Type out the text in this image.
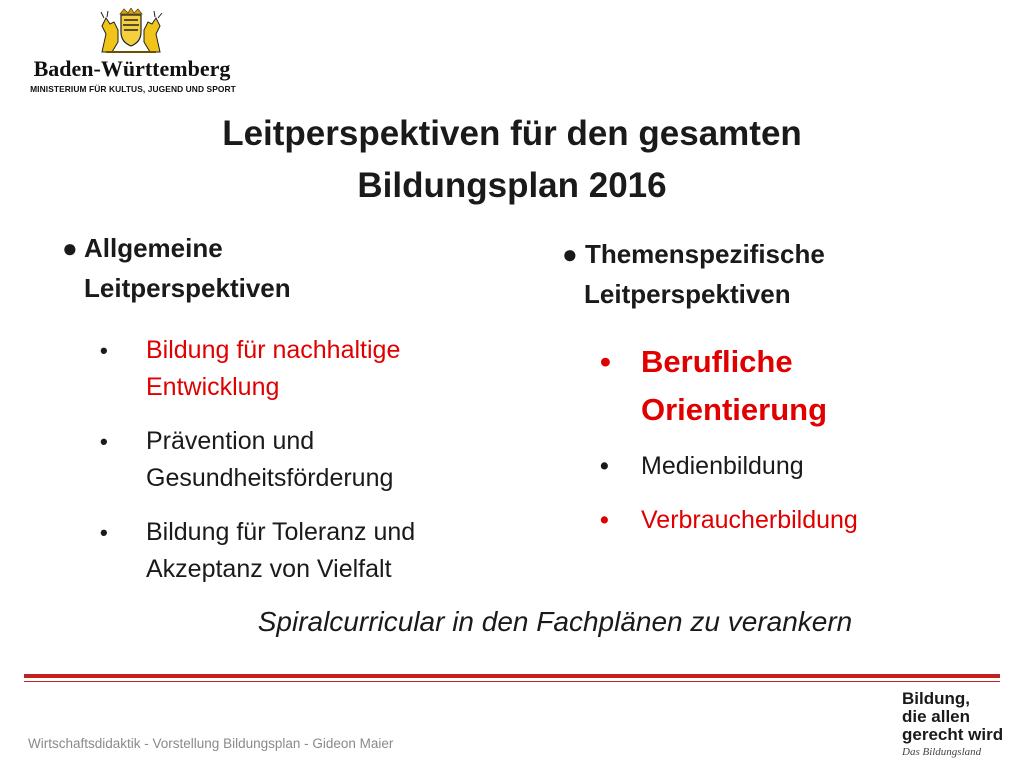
Baden-Württemberg
MINISTERIUM FÜR KULTUS, JUGEND UND SPORT
Leitperspektiven für den gesamten
Bildungsplan 2016
● Allgemeine
Leitperspektiven
• Bildung für nachhaltige
Entwicklung
• Prävention und
Gesundheitsförderung
• Bildung für Toleranz und
Akzeptanz von Vielfalt
● Themenspezifische
Leitperspektiven
• Berufliche
Orientierung
• Medienbildung
• Verbraucherbildung
Spiralcurricular in den Fachplänen zu verankern
Wirtschaftsdidaktik - Vorstellung Bildungsplan - Gideon Maier
Bildung,
die allen
gerecht wird
Das Bildungsland
